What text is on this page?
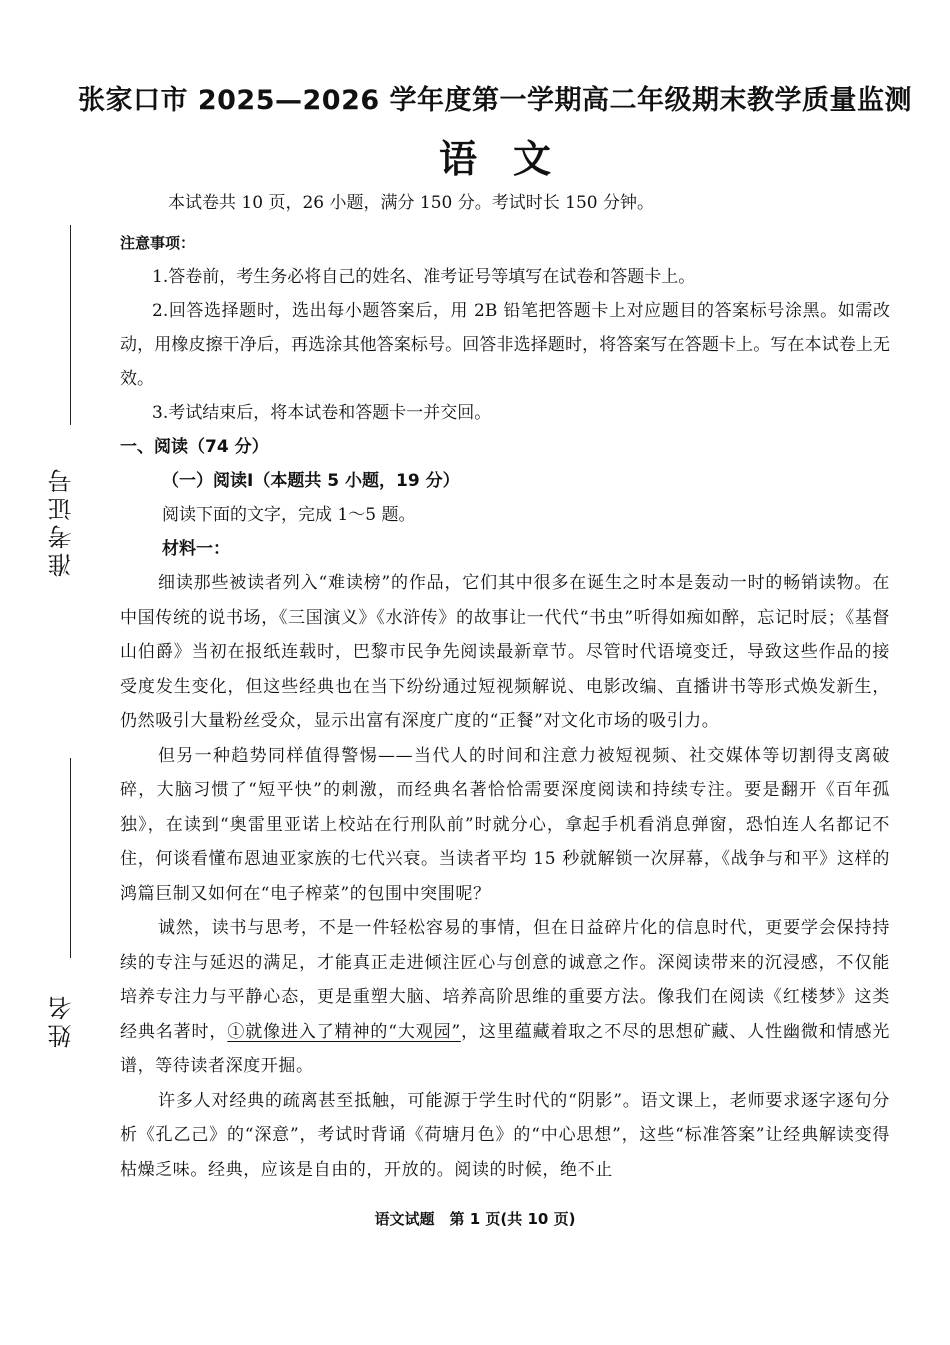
准考证号
姓名
张家口市 2025—2026 学年度第一学期高二年级期末教学质量监测
语文
本试卷共 10 页，26 小题，满分 150 分。考试时长 150 分钟。

注意事项：

1.答卷前，考生务必将自己的姓名、准考证号等填写在试卷和答题卡上。

2.回答选择题时，选出每小题答案后，用 2B 铅笔把答题卡上对应题目的答案标号涂黑。如需改动，用橡皮擦干净后，再选涂其他答案标号。回答非选择题时，将答案写在答题卡上。写在本试卷上无效。

3.考试结束后，将本试卷和答题卡一并交回。

一、阅读（74 分）

（一）阅读Ⅰ（本题共 5 小题，19 分）

阅读下面的文字，完成 1～5 题。

材料一：

细读那些被读者列入“难读榜”的作品，它们其中很多在诞生之时本是轰动一时的畅销读物。在中国传统的说书场，《三国演义》《水浒传》的故事让一代代“书虫”听得如痴如醉，忘记时辰；《基督山伯爵》当初在报纸连载时，巴黎市民争先阅读最新章节。尽管时代语境变迁，导致这些作品的接受度发生变化，但这些经典也在当下纷纷通过短视频解说、电影改编、直播讲书等形式焕发新生，仍然吸引大量粉丝受众，显示出富有深度广度的“正餐”对文化市场的吸引力。

但另一种趋势同样值得警惕——当代人的时间和注意力被短视频、社交媒体等切割得支离破碎，大脑习惯了“短平快”的刺激，而经典名著恰恰需要深度阅读和持续专注。要是翻开《百年孤独》，在读到“奥雷里亚诺上校站在行刑队前”时就分心，拿起手机看消息弹窗，恐怕连人名都记不住，何谈看懂布恩迪亚家族的七代兴衰。当读者平均 15 秒就解锁一次屏幕，《战争与和平》这样的鸿篇巨制又如何在“电子榨菜”的包围中突围呢？

诚然，读书与思考，不是一件轻松容易的事情，但在日益碎片化的信息时代，更要学会保持持续的专注与延迟的满足，才能真正走进倾注匠心与创意的诚意之作。深阅读带来的沉浸感，不仅能培养专注力与平静心态，更是重塑大脑、培养高阶思维的重要方法。像我们在阅读《红楼梦》这类经典名著时，①就像进入了精神的“大观园”，这里蕴藏着取之不尽的思想矿藏、人性幽微和情感光谱，等待读者深度开掘。

许多人对经典的疏离甚至抵触，可能源于学生时代的“阴影”。语文课上，老师要求逐字逐句分析《孔乙己》的“深意”，考试时背诵《荷塘月色》的“中心思想”，这些“标准答案”让经典解读变得枯燥乏味。经典，应该是自由的，开放的。阅读的时候，绝不止

语文试题　第 1 页(共 10 页)
